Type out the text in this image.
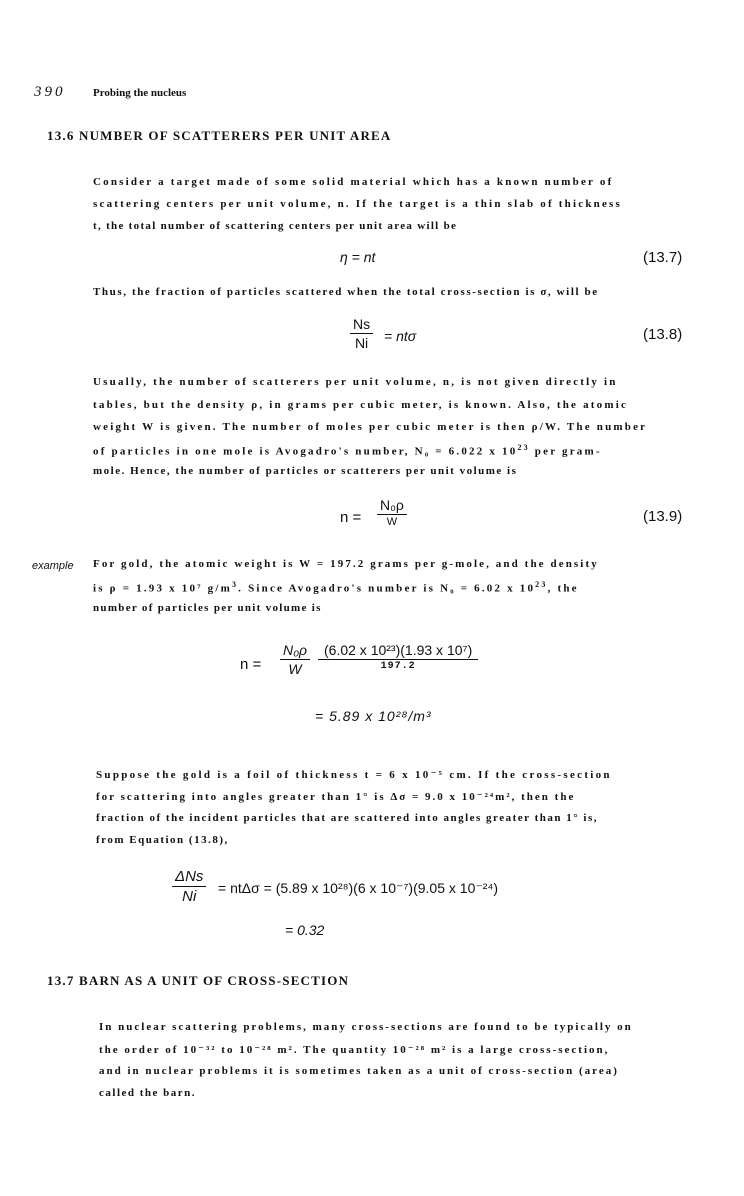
390	Probing the nucleus
13.6 NUMBER OF SCATTERERS PER UNIT AREA
Consider a target made of some solid material which has a known number of
scattering centers per unit volume, n. If the target is a thin slab of thickness
t, the total number of scattering centers per unit area will be
η = nt	(13.7)
Thus, the fraction of particles scattered when the total cross-section is σ, will be
$\frac{Ns}{Ni} = nt\sigma$	(13.8)
Usually, the number of scatterers per unit volume, n, is not given directly in
tables, but the density ρ, in grams per cubic meter, is known. Also, the atomic
weight W is given. The number of moles per cubic meter is then ρ/W. The number
of particles in one mole is Avogadro's number, N₀ = 6.022 x $10^{23}$ per gram-
mole. Hence, the number of particles or scatterers per unit volume is
n =
N₀ρ
W	(13.9)
example For gold, the atomic weight is W = 197.2 grams per g-mole, and the density
is ρ = 1.93 x 10⁷ $g/m^3$. Since Avogadro's number is N₀ = 6.02 x $10^{23}$, the
number of particles per unit volume is
$n = \frac{\text{N₀ρ}}{W} (6.02$ x 10²³)(1.93 x 10⁷)
197.2
= 5.89 x 10²⁸/m³
Suppose the gold is a foil of thickness t = 6 x 10⁻⁵ cm. If the cross-section
for scattering into angles greater than 1° is Δσ = 9.0 x 10⁻²⁴m², then the
fraction of the incident particles that are scattered into angles greater than 1° is,
from Equation (13.8),
ΔNs
Ni	= ntΔσ = (5.89 x 10²⁸)(6 x 10⁻⁷)(9.05 x 10⁻²⁴)
= 0.32
13.7 BARN AS A UNIT OF CROSS-SECTION
In nuclear scattering problems, many cross-sections are found to be typically on
the order of 10⁻³² to 10⁻²⁸ m². The quantity 10⁻²⁸ m² is a large cross-section,
and in nuclear problems it is sometimes taken as a unit of cross-section (area)
called the barn.
